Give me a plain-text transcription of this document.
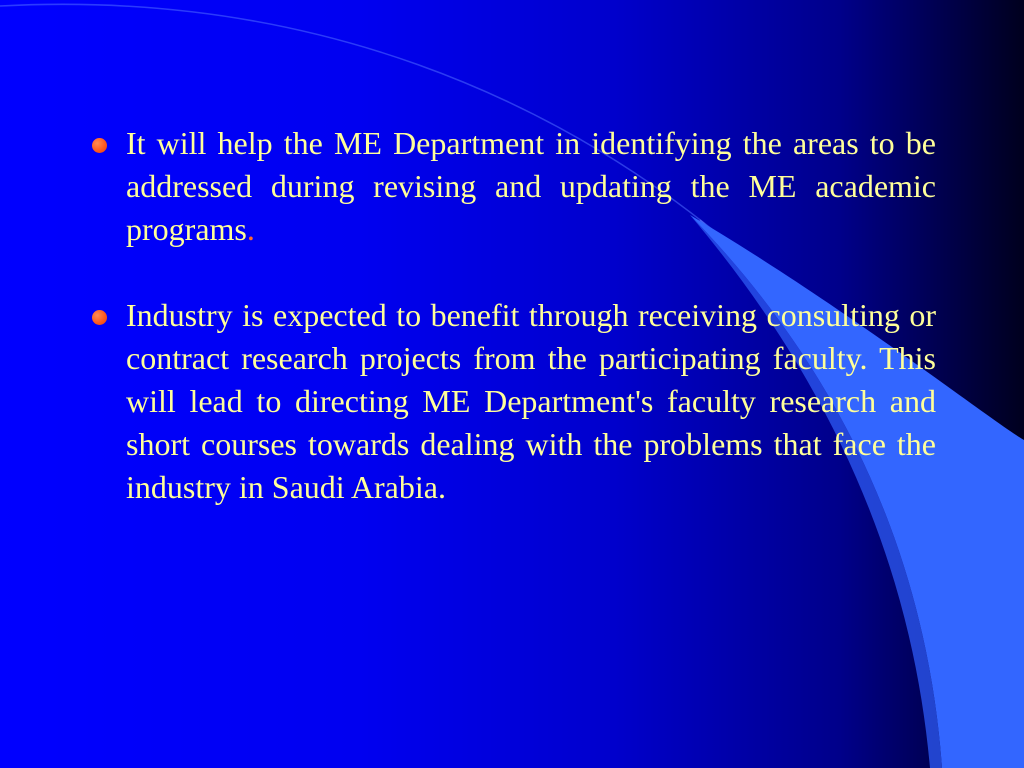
It will help the ME Department in identifying the areas to be addressed during revising and updating the ME academic programs.
Industry is expected to benefit through receiving consulting or contract research projects from the participating faculty. This will lead to directing ME Department's faculty research and short courses towards dealing with the problems that face the industry in Saudi Arabia.
